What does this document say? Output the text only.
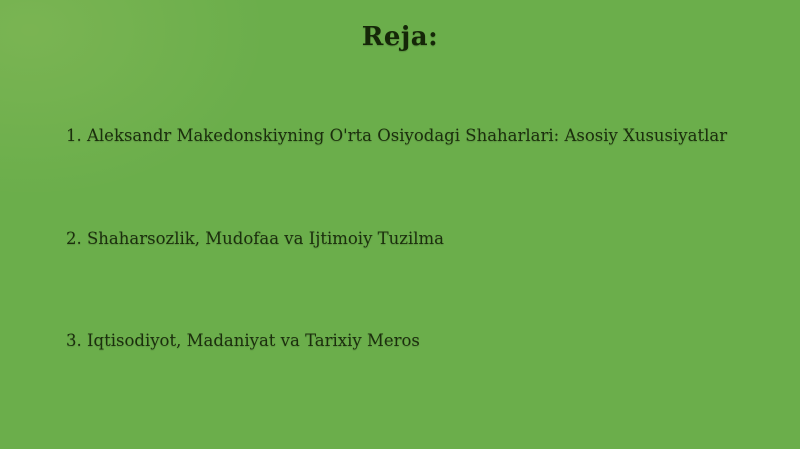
Reja:
1. Aleksandr Makedonskiyning O'rta Osiyodagi Shaharlari: Asosiy Xususiyatlar
2. Shaharsozlik, Mudofaa va Ijtimoiy Tuzilma
3. Iqtisodiyot, Madaniyat va Tarixiy Meros
